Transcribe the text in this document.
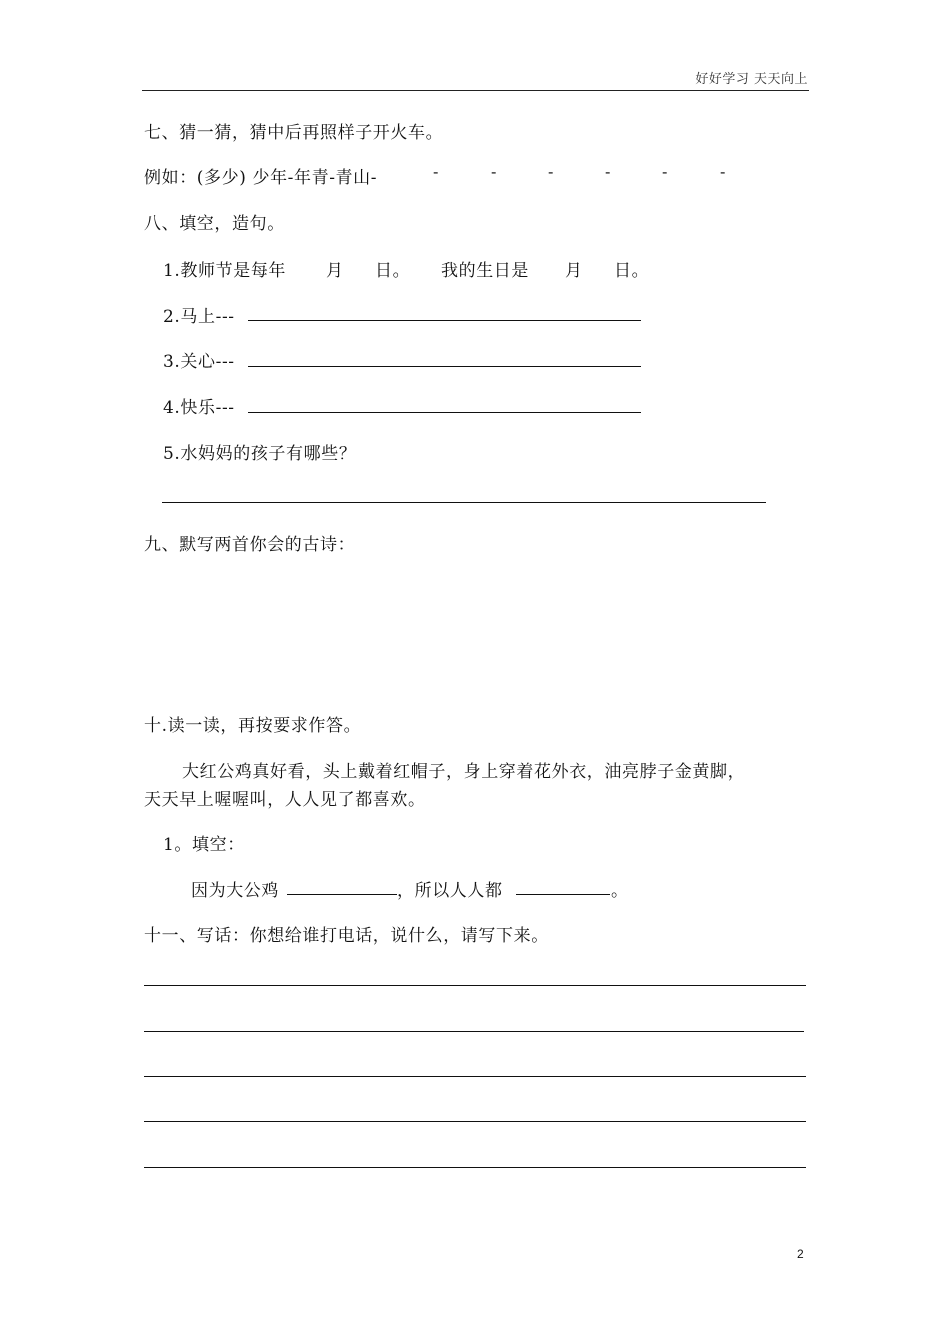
好好学习 天天向上
七、猜一猜，猜中后再照样子开火车。
例如：(多少) 少年-年青-青山-	-	-	-	-	-	-
八、填空，造句。
1.教师节是每年 月 日。 我的生日是 月 日。
2.马上---
3.关心---
4.快乐---
5.水妈妈的孩子有哪些？
九、默写两首你会的古诗：
十.读一读，再按要求作答。
大红公鸡真好看，头上戴着红帽子，身上穿着花外衣，油亮脖子金黄脚，
天天早上喔喔叫，人人见了都喜欢。
1。填空：
因为大公鸡	，所以人人都	。
十一、写话：你想给谁打电话，说什么，请写下来。
2
